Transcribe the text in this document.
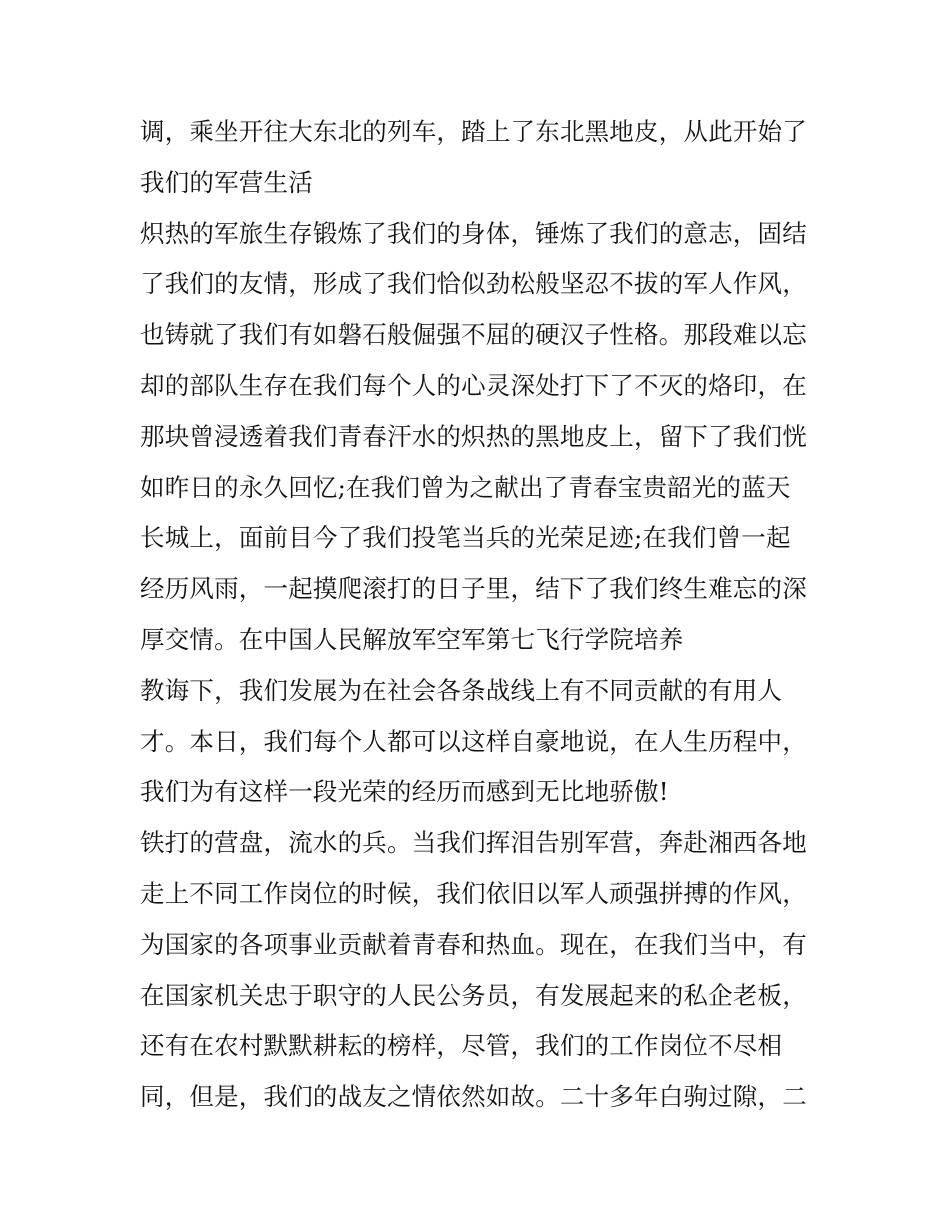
调，乘坐开往大东北的列车，踏上了东北黑地皮，从此开始了
我们的军营生活
炽热的军旅生存锻炼了我们的身体，锤炼了我们的意志，固结
了我们的友情，形成了我们恰似劲松般坚忍不拔的军人作风，
也铸就了我们有如磐石般倔强不屈的硬汉子性格。那段难以忘
却的部队生存在我们每个人的心灵深处打下了不灭的烙印，在
那块曾浸透着我们青春汗水的炽热的黑地皮上，留下了我们恍
如昨日的永久回忆;在我们曾为之献出了青春宝贵韶光的蓝天
长城上，面前目今了我们投笔当兵的光荣足迹;在我们曾一起
经历风雨，一起摸爬滚打的日子里，结下了我们终生难忘的深
厚交情。在中国人民解放军空军第七飞行学院培养
教诲下，我们发展为在社会各条战线上有不同贡献的有用人
才。本日，我们每个人都可以这样自豪地说，在人生历程中，
我们为有这样一段光荣的经历而感到无比地骄傲!
铁打的营盘，流水的兵。当我们挥泪告别军营，奔赴湘西各地
走上不同工作岗位的时候，我们依旧以军人顽强拼搏的作风，
为国家的各项事业贡献着青春和热血。现在，在我们当中，有
在国家机关忠于职守的人民公务员，有发展起来的私企老板，
还有在农村默默耕耘的榜样，尽管，我们的工作岗位不尽相
同，但是，我们的战友之情依然如故。二十多年白驹过隙，二
